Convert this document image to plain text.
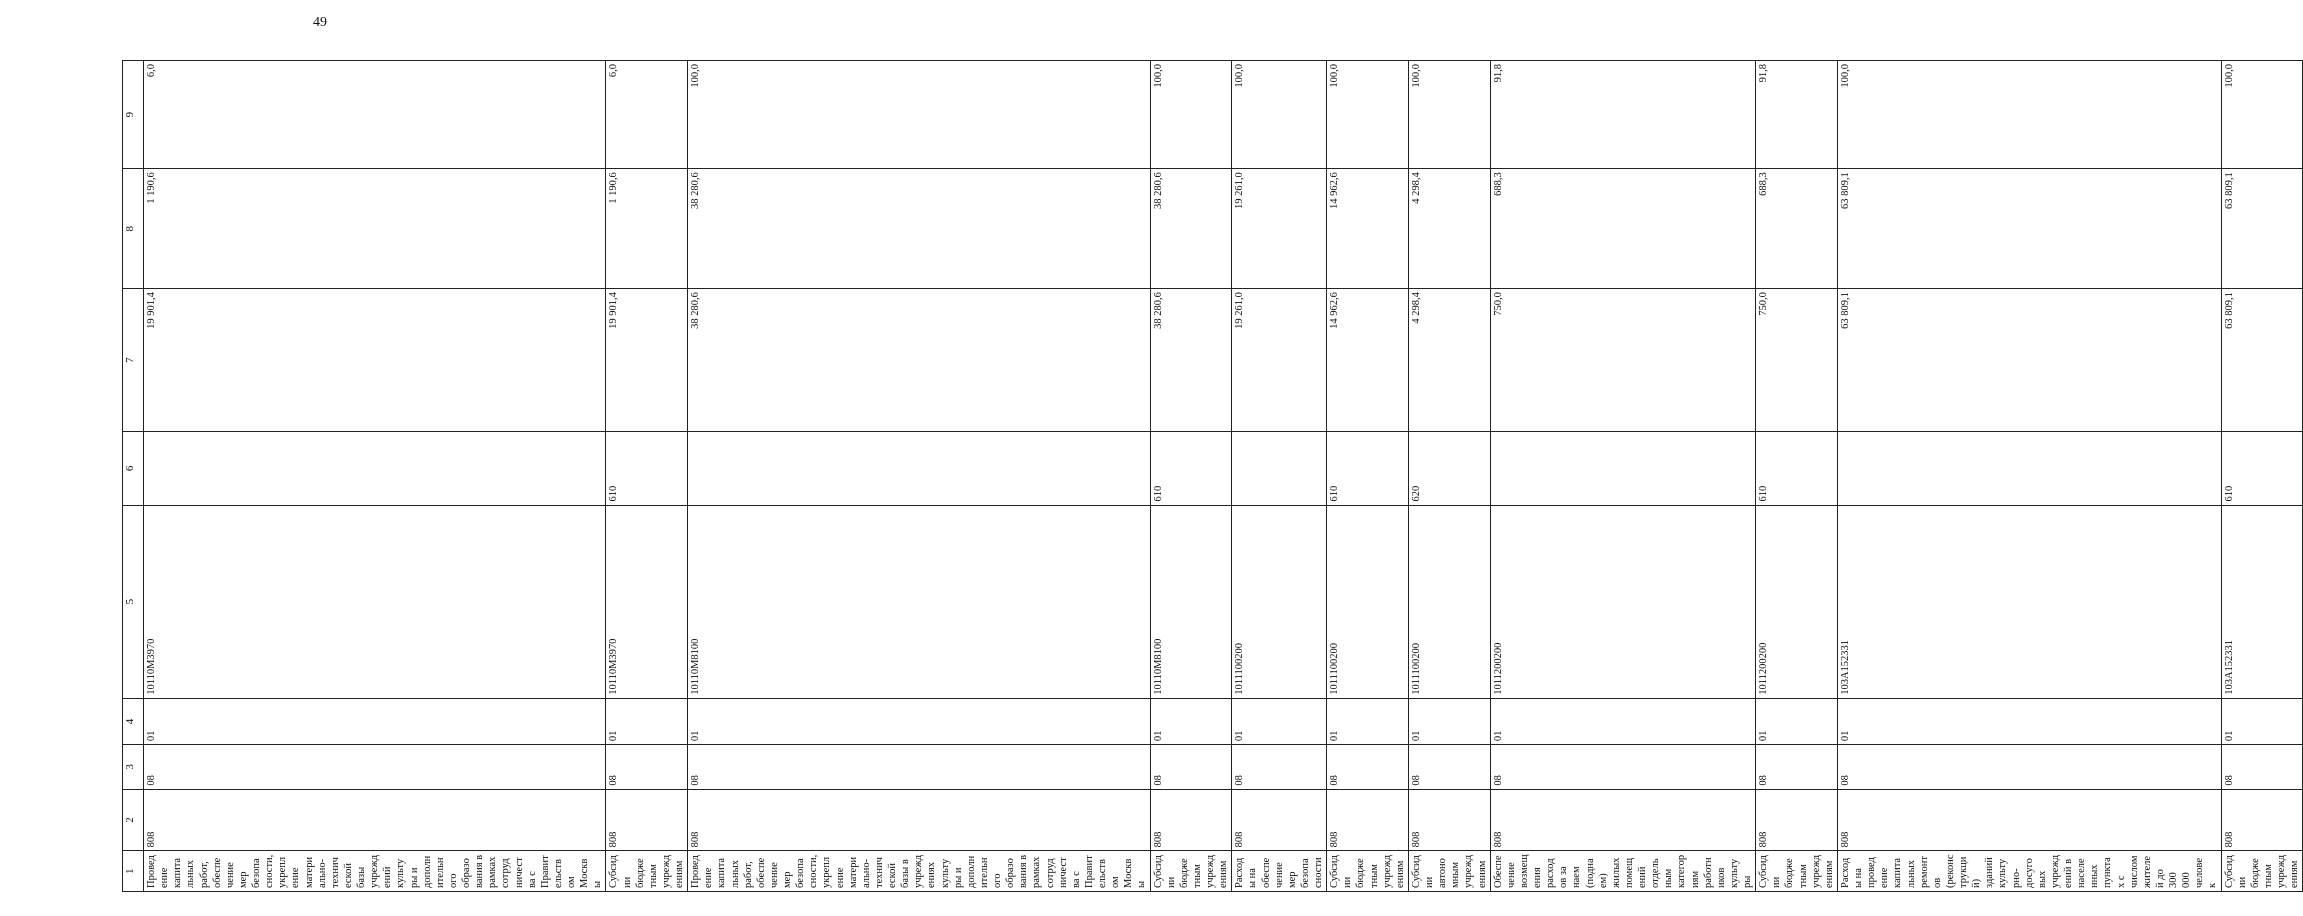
49
1	2	3	4	5	6	7	8	9
Проведение капитальных работ, обеспечение мер безопасности, укрепление материально-технической базы учреждений культуры и дополнительного образования в рамках сотрудничества с Правительством Москвы	808	08	01	10110M3970		19 901,4	1 190,6	6,0
Субсидии бюджетным учреждениям	808	08	01	10110M3970	610	19 901,4	1 190,6	6,0
Проведение капитальных работ, обеспечение мер безопасности, укрепление материально-технической базы в учреждениях культуры и дополнительного образования в рамках сотрудничества с Правительством Москвы	808	08	01	10110M8100		38 280,6	38 280,6	100,0
Субсидии бюджетным учреждениям	808	08	01	10110M8100	610	38 280,6	38 280,6	100,0
Расходы на обеспечение мер безопасности	808	08	01	1011100200		19 261,0	19 261,0	100,0
Субсидии бюджетным учреждениям	808	08	01	1011100200	610	14 962,6	14 962,6	100,0
Субсидии автономным учреждениям	808	08	01	1011100200	620	4 298,4	4 298,4	100,0
Обеспечение возмещения расходов за наем (поднаем) жилых помещений отдельным категориям работников культуры	808	08	01	1011200200		750,0	688,3	91,8
Субсидии бюджетным учреждениям	808	08	01	1011200200	610	750,0	688,3	91,8
Расходы на проведение капитальных ремонтов (реконструкций) зданий культурно-досуговых учреждений в населенных пунктах с числом жителей до 300 000 человек	808	08	01	103A152331		63 809,1	63 809,1	100,0
Субсидии бюджетным учреждениям	808	08	01	103A152331	610	63 809,1	63 809,1	100,0
